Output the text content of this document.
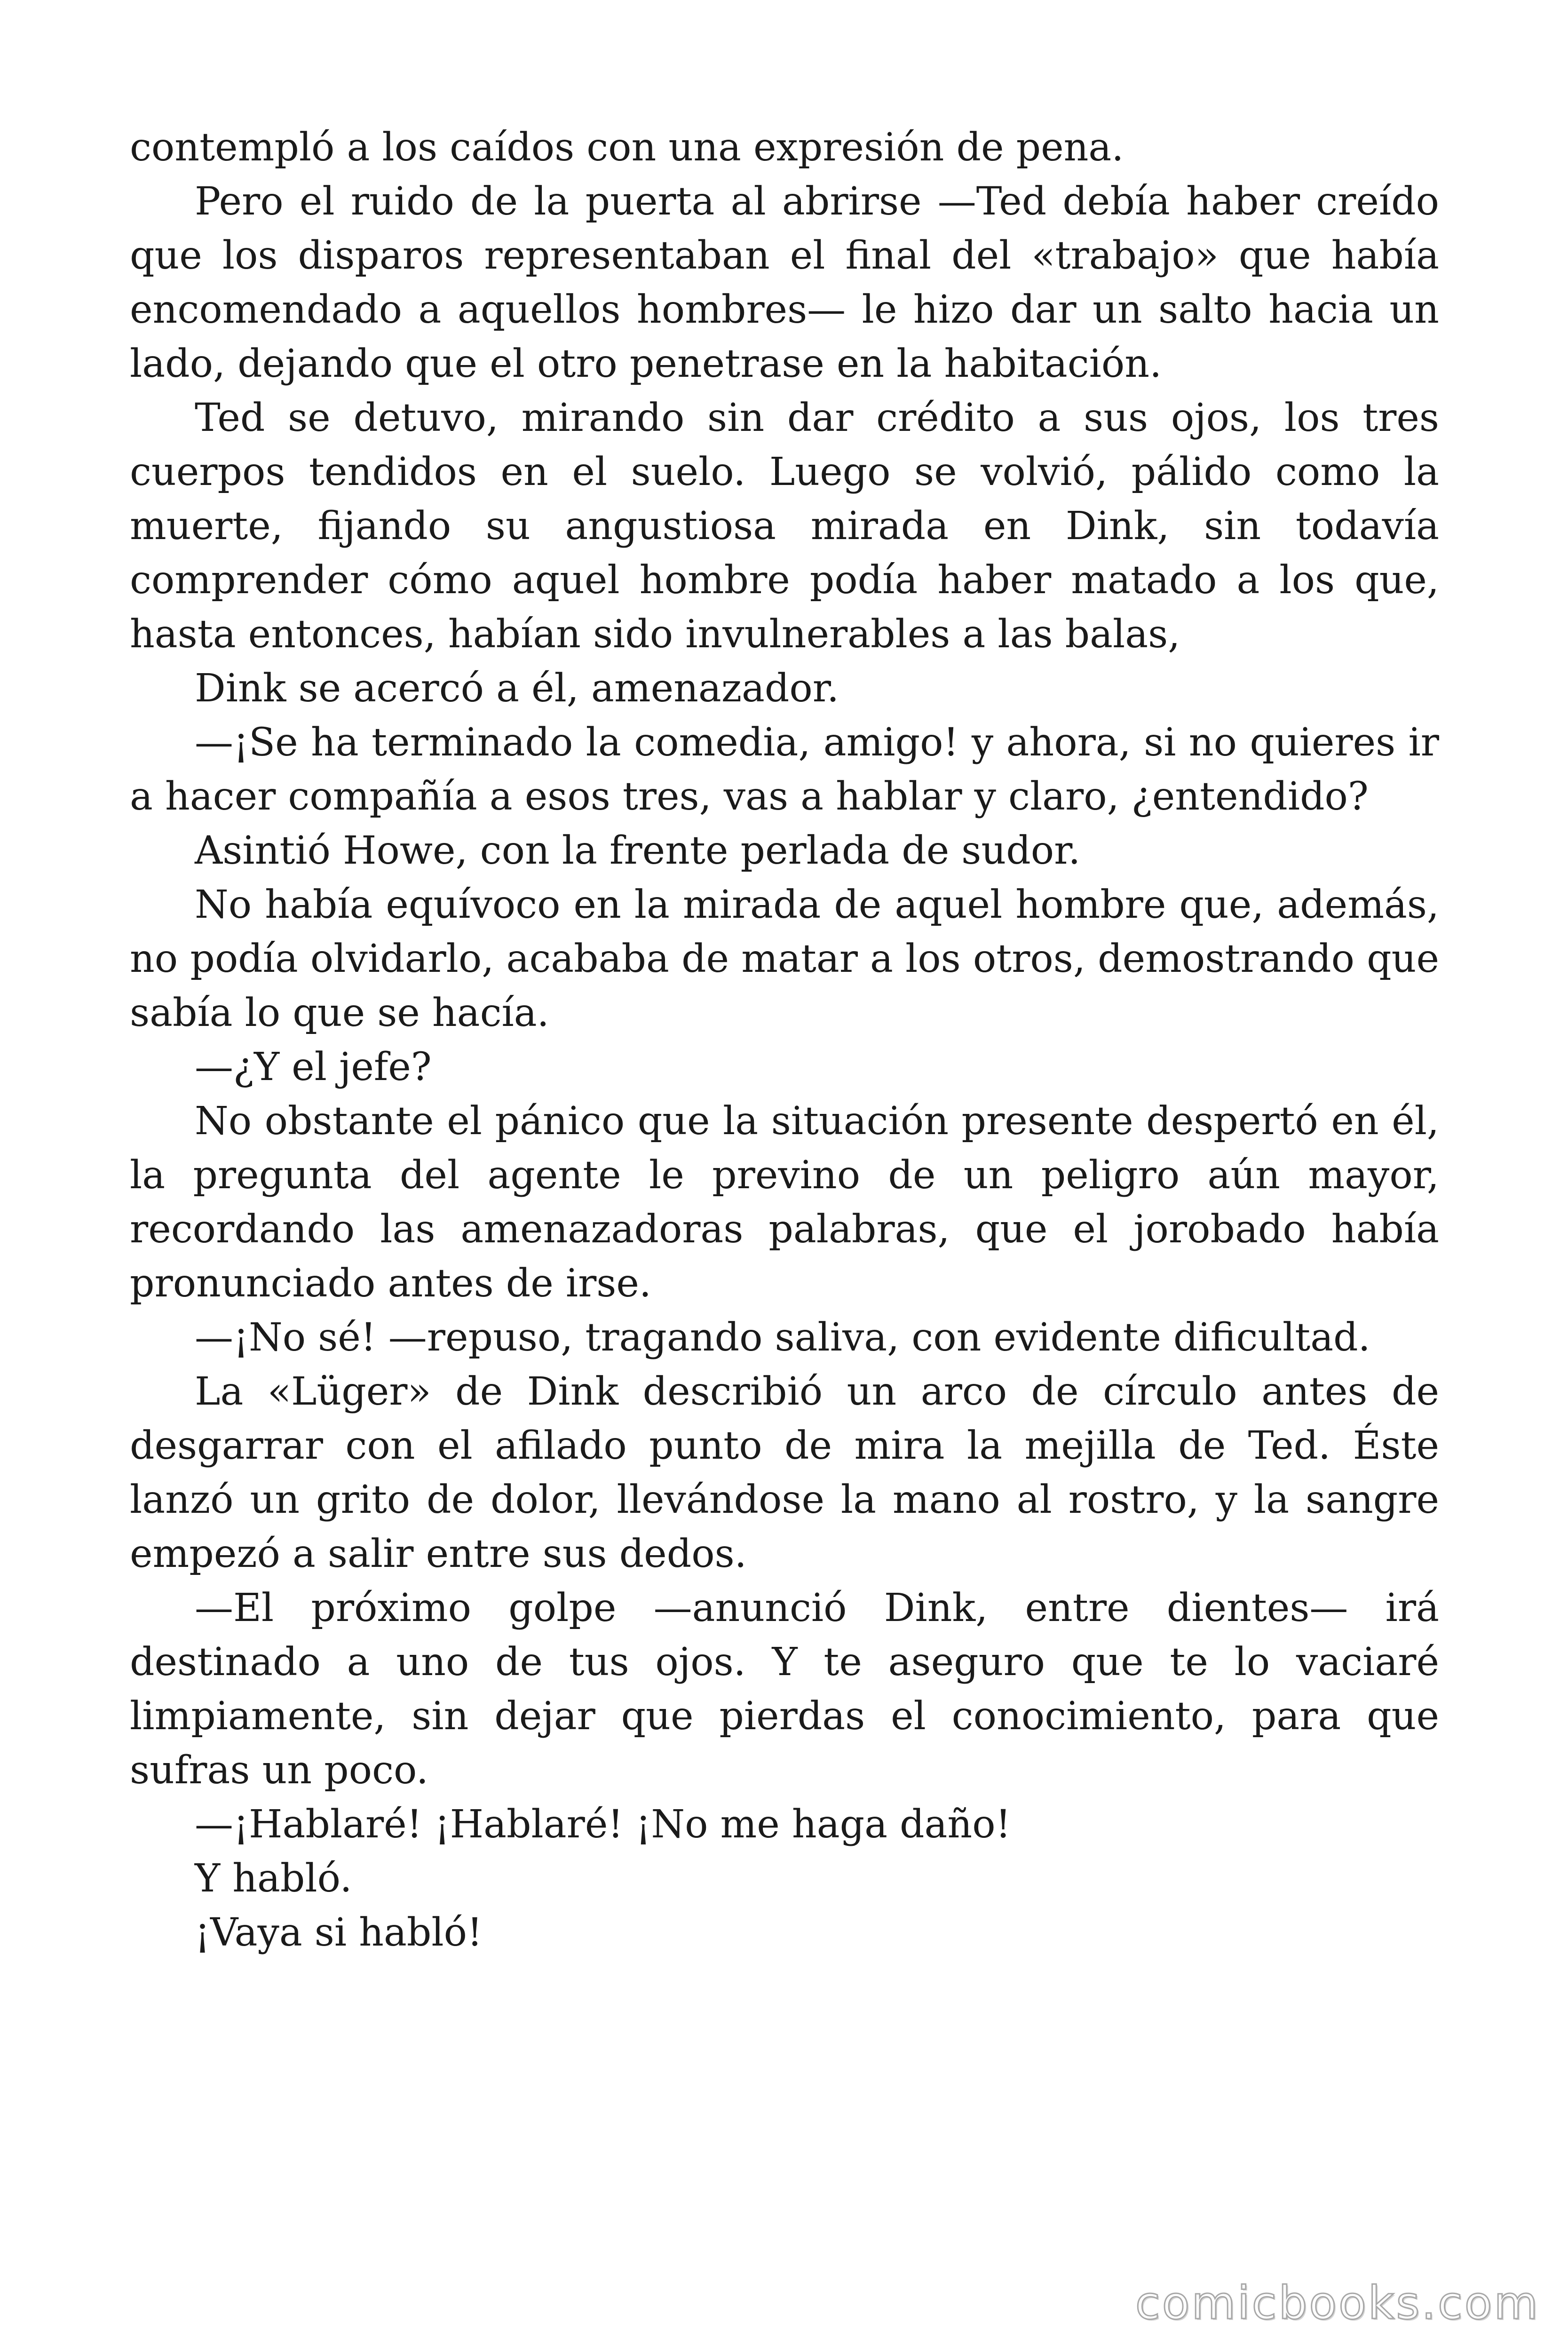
contempló a los caídos con una expresión de pena.

Pero el ruido de la puerta al abrirse —Ted debía haber creído que los disparos representaban el final del «trabajo» que había encomendado a aquellos hombres— le hizo dar un salto hacia un lado, dejando que el otro penetrase en la habitación.

Ted se detuvo, mirando sin dar crédito a sus ojos, los tres cuerpos tendidos en el suelo. Luego se volvió, pálido como la muerte, fijando su angustiosa mirada en Dink, sin todavía comprender cómo aquel hombre podía haber matado a los que, hasta entonces, habían sido invulnerables a las balas,

Dink se acercó a él, amenazador.

—¡Se ha terminado la comedia, amigo! y ahora, si no quieres ir a hacer compañía a esos tres, vas a hablar y claro, ¿entendido?

Asintió Howe, con la frente perlada de sudor.

No había equívoco en la mirada de aquel hombre que, además, no podía olvidarlo, acababa de matar a los otros, demostrando que sabía lo que se hacía.

—¿Y el jefe?

No obstante el pánico que la situación presente despertó en él, la pregunta del agente le previno de un peligro aún mayor, recordando las amenazadoras palabras, que el jorobado había pronunciado antes de irse.

—¡No sé! —repuso, tragando saliva, con evidente dificultad.

La «Lüger» de Dink describió un arco de círculo antes de desgarrar con el afilado punto de mira la mejilla de Ted. Éste lanzó un grito de dolor, llevándose la mano al rostro, y la sangre empezó a salir entre sus dedos.

—El próximo golpe —anunció Dink, entre dientes— irá destinado a uno de tus ojos. Y te aseguro que te lo vaciaré limpiamente, sin dejar que pierdas el conocimiento, para que sufras un poco.

—¡Hablaré! ¡Hablaré! ¡No me haga daño!

Y habló.

¡Vaya si habló!

comicbooks.com
